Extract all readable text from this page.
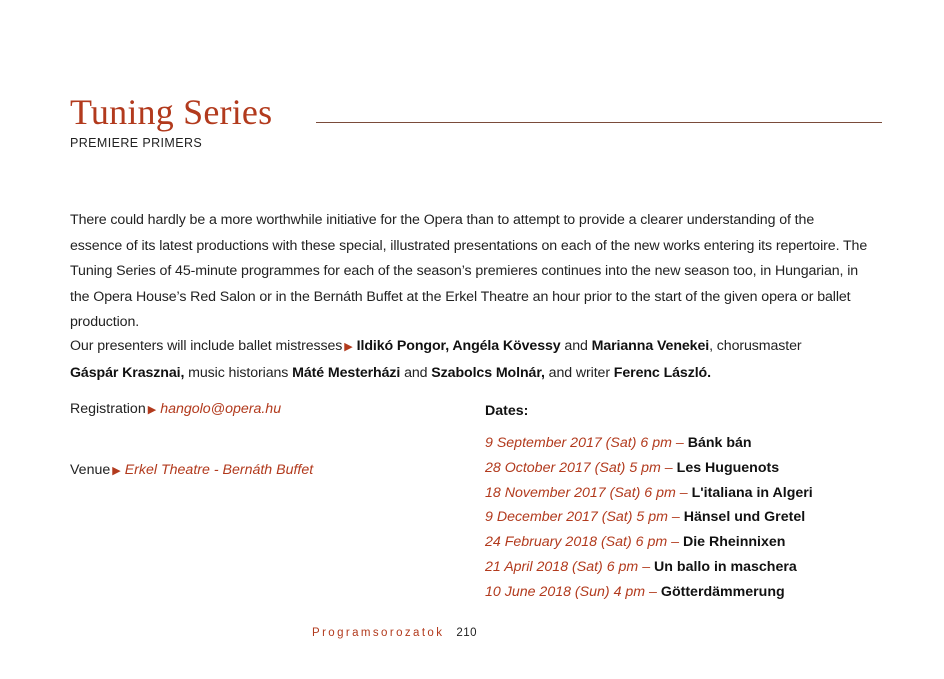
Tuning Series
PREMIERE PRIMERS
There could hardly be a more worthwhile initiative for the Opera than to attempt to provide a clearer understanding of the essence of its latest productions with these special, illustrated presentations on each of the new works entering its repertoire. The Tuning Series of 45-minute programmes for each of the season’s premieres continues into the new season too, in Hungarian, in the Opera House’s Red Salon or in the Bernáth Buffet at the Erkel Theatre an hour prior to the start of the given opera or ballet production.
Our presenters will include ballet mistresses ▶ Ildikó Pongor, Angéla Kövessy and Marianna Venekei, chorusmaster
Gáspár Krasznai, music historians Máté Mesterházi and Szabolcs Molnár, and writer Ferenc László.
Registration ▶ hangolo@opera.hu
Venue ▶ Erkel Theatre - Bernáth Buffet
Dates:
9 September 2017 (Sat) 6 pm – Bánk bán
28 October 2017 (Sat) 5 pm – Les Huguenots
18 November 2017 (Sat) 6 pm – L'italiana in Algeri
9 December 2017 (Sat) 5 pm – Hänsel und Gretel
24 February 2018 (Sat) 6 pm – Die Rheinnixen
21 April 2018 (Sat) 6 pm – Un ballo in maschera
10 June 2018 (Sun) 4 pm – Götterdämmerung
Programsorozatok 210
